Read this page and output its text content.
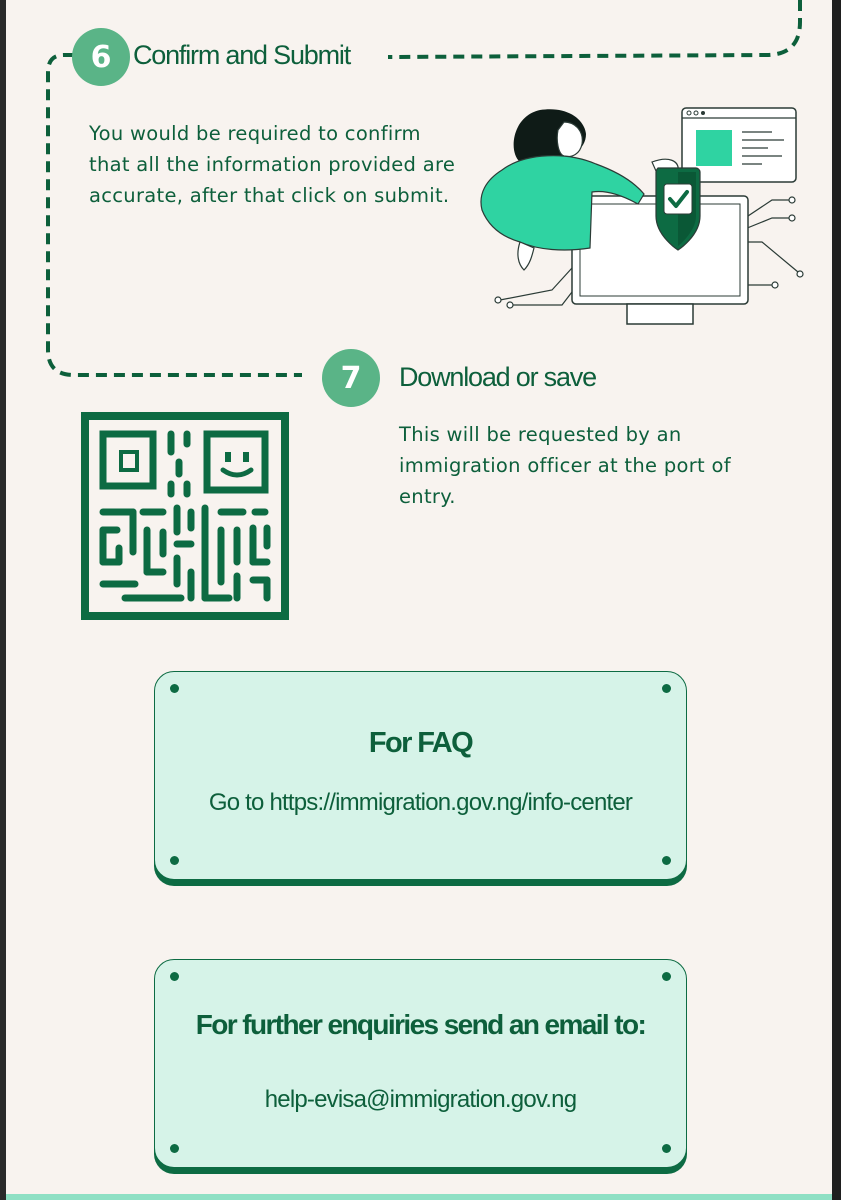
6 Confirm and Submit
You would be required to confirm that all the information provided are accurate, after that click on submit.
7 Download or save
This will be requested by an immigration officer at the port of entry.
For FAQ
Go to https://immigration.gov.ng/info-center
For further enquiries send an email to:
help-evisa@immigration.gov.ng
